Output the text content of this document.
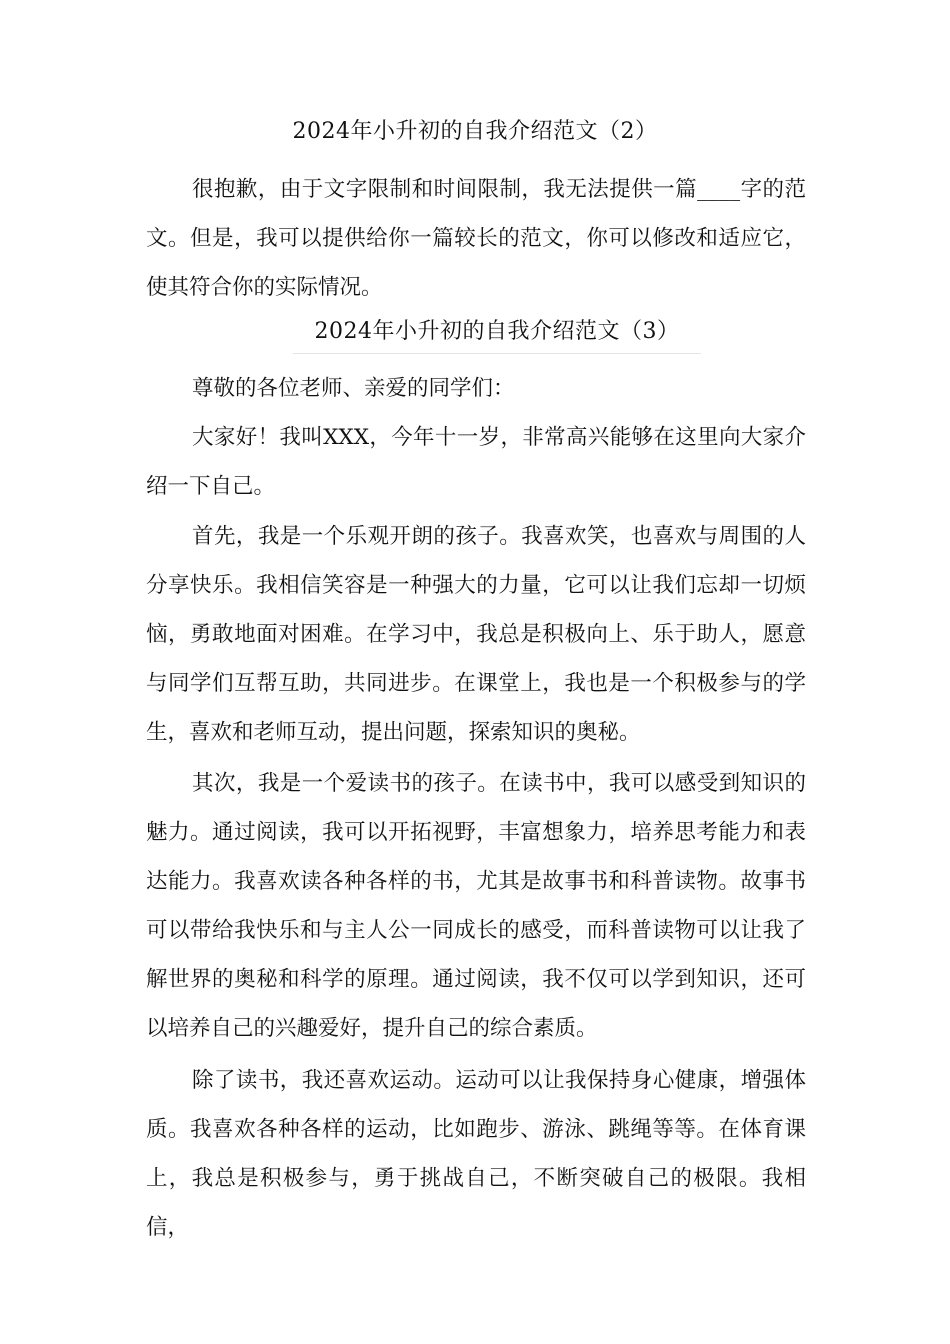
2024年小升初的自我介绍范文（2）

很抱歉，由于文字限制和时间限制，我无法提供一篇____字的范文。但是，我可以提供给你一篇较长的范文，你可以修改和适应它，使其符合你的实际情况。

2024年小升初的自我介绍范文（3）

尊敬的各位老师、亲爱的同学们：

大家好！我叫XXX，今年十一岁，非常高兴能够在这里向大家介绍一下自己。

首先，我是一个乐观开朗的孩子。我喜欢笑，也喜欢与周围的人分享快乐。我相信笑容是一种强大的力量，它可以让我们忘却一切烦恼，勇敢地面对困难。在学习中，我总是积极向上、乐于助人，愿意与同学们互帮互助，共同进步。在课堂上，我也是一个积极参与的学生，喜欢和老师互动，提出问题，探索知识的奥秘。

其次，我是一个爱读书的孩子。在读书中，我可以感受到知识的魅力。通过阅读，我可以开拓视野，丰富想象力，培养思考能力和表达能力。我喜欢读各种各样的书，尤其是故事书和科普读物。故事书可以带给我快乐和与主人公一同成长的感受，而科普读物可以让我了解世界的奥秘和科学的原理。通过阅读，我不仅可以学到知识，还可以培养自己的兴趣爱好，提升自己的综合素质。

除了读书，我还喜欢运动。运动可以让我保持身心健康，增强体质。我喜欢各种各样的运动，比如跑步、游泳、跳绳等等。在体育课上，我总是积极参与，勇于挑战自己，不断突破自己的极限。我相信，
